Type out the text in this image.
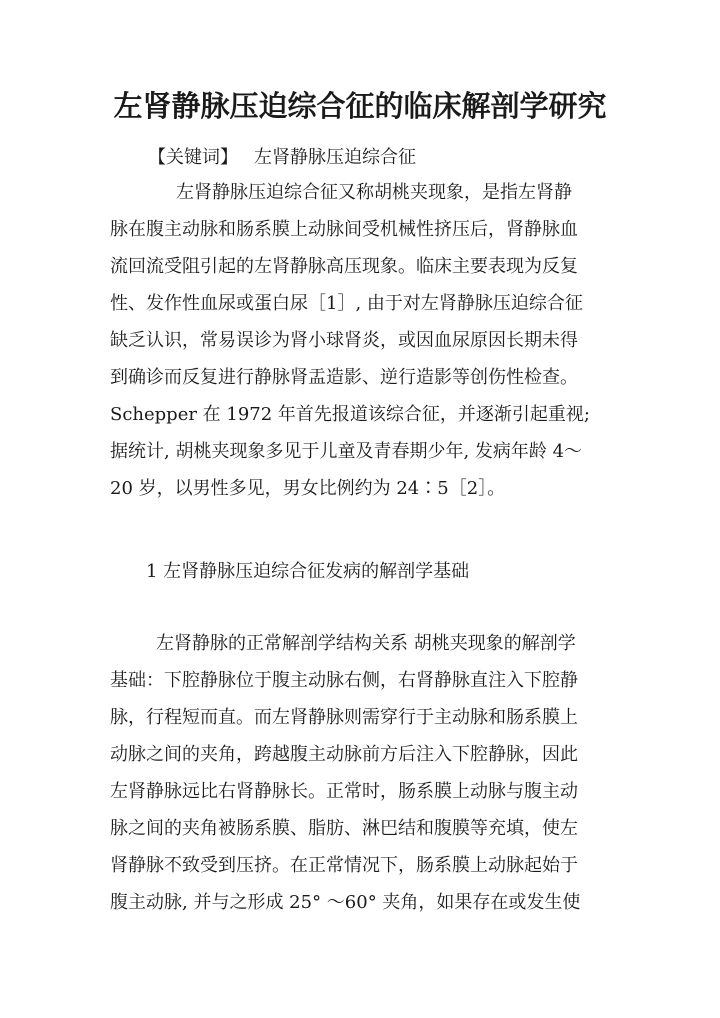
左肾静脉压迫综合征的临床解剖学研究
【关键词】 左肾静脉压迫综合征
左肾静脉压迫综合征又称胡桃夹现象，是指左肾静
脉在腹主动脉和肠系膜上动脉间受机械性挤压后，肾静脉血
流回流受阻引起的左肾静脉高压现象。临床主要表现为反复
性、发作性血尿或蛋白尿［1］, 由于对左肾静脉压迫综合征
缺乏认识，常易误诊为肾小球肾炎，或因血尿原因长期未得
到确诊而反复进行静脉肾盂造影、逆行造影等创伤性检查。
Schepper 在 1972 年首先报道该综合征，并逐渐引起重视;
据统计, 胡桃夹现象多见于儿童及青春期少年, 发病年龄 4～
20 岁，以男性多见，男女比例约为 24∶5［2］。
1 左肾静脉压迫综合征发病的解剖学基础
左肾静脉的正常解剖学结构关系 胡桃夹现象的解剖学
基础：下腔静脉位于腹主动脉右侧，右肾静脉直注入下腔静
脉，行程短而直。而左肾静脉则需穿行于主动脉和肠系膜上
动脉之间的夹角，跨越腹主动脉前方后注入下腔静脉，因此
左肾静脉远比右肾静脉长。正常时，肠系膜上动脉与腹主动
脉之间的夹角被肠系膜、脂肪、淋巴结和腹膜等充填，使左
肾静脉不致受到压挤。在正常情况下，肠系膜上动脉起始于
腹主动脉, 并与之形成 25° ～60° 夹角，如果存在或发生使
